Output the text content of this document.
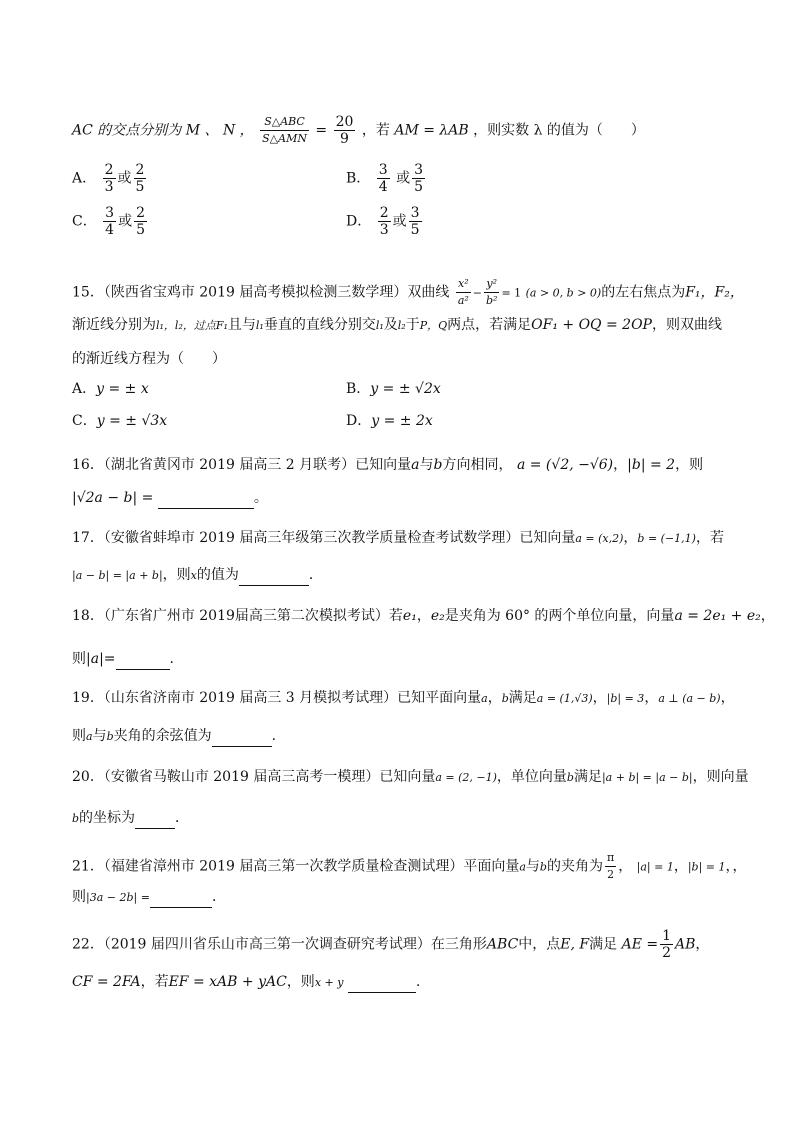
AC 的交点分别为 M 、 N ， $\frac{\text{S△ABC}}{\text{S△AMN}} = \frac{20}{9}$ ，若 AM = λAB ，则实数 λ 的值为（　　）
A． $\frac{2}{3}$ 或 $\frac{2}{5}$	B． $\frac{3}{4}$ 或 $\frac{3}{5}$
C． $\frac{3}{4}$ 或 $\frac{2}{5}$	D． $\frac{2}{3}$ 或 $\frac{3}{5}$
15．（陕西省宝鸡市 2019 届高考模拟检测三数学理）双曲线 $\frac{\text{x²}}{\text{a²}} - \frac{\text{y²}}{\text{b²}} = 1$ (a > 0, b > 0)的左右焦点为F₁，F₂，
渐近线分别为l₁，l₂，过点F₁且与l₁垂直的直线分别交l₁及l₂于P，Q两点，若满足OF₁ + OQ = 2OP，则双曲线
的渐近线方程为（　　）
A．y = ± x	B．y = ± √2x
C．y = ± √3x	D．y = ± 2x
16．（湖北省黄冈市 2019 届高三 2 月联考）已知向量a与b方向相同， a = (√2, −√6)，|b| = 2，则
|√2a − b| =	。
17．（安徽省蚌埠市 2019 届高三年级第三次教学质量检查考试数学理）已知向量a = (x,2)，b = (−1,1)，若
|a − b| = |a + b|，则x的值为	．
18．（广东省广州市 2019届高三第二次模拟考试）若e₁，e₂是夹角为 60° 的两个单位向量，向量a = 2e₁ + e₂，
则|a|=	.
19．（山东省济南市 2019 届高三 3 月模拟考试理）已知平面向量a，b满足a = (1,√3)，|b| = 3，a ⊥ (a − b)，
则a与b夹角的余弦值为	.
20．（安徽省马鞍山市 2019 届高三高考一模理）已知向量a = (2, −1)，单位向量b满足|a + b| = |a − b|，则向量
b的坐标为	．
21．（福建省漳州市 2019 届高三第一次教学质量检查测试理）平面向量a与b的夹角为 $\frac{\pi}{2}$ ， |a| = 1，|b| = 1，，
则|3a − 2b| =	．
22．（2019 届四川省乐山市高三第一次调查研究考试理）在三角形ABC中，点E, F满足 AE = $\frac{1}{2}$ AB，
CF = 2FA，若EF = xAB + yAC，则x + y	.
